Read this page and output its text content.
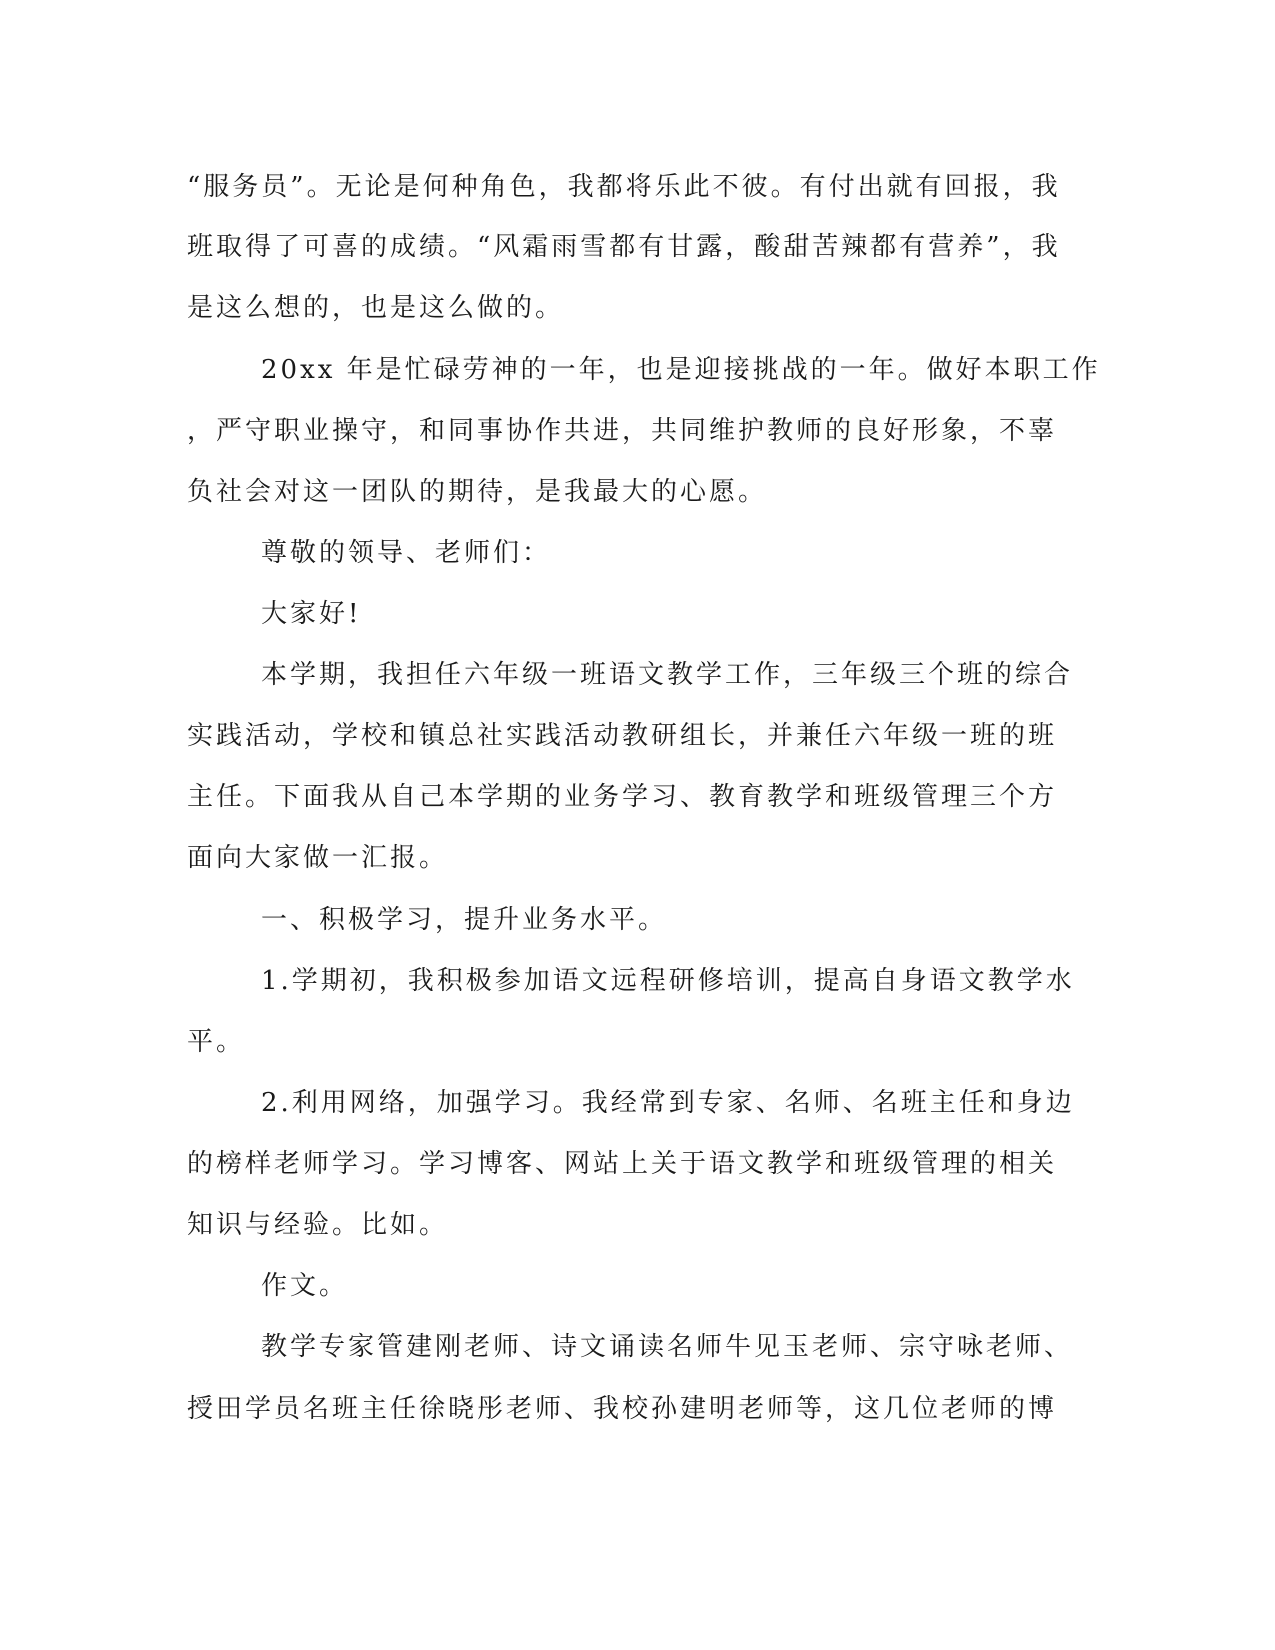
“服务员”。无论是何种角色，我都将乐此不彼。有付出就有回报，我
班取得了可喜的成绩。“风霜雨雪都有甘露，酸甜苦辣都有营养”，我
是这么想的，也是这么做的。
20xx 年是忙碌劳神的一年，也是迎接挑战的一年。做好本职工作
，严守职业操守，和同事协作共进，共同维护教师的良好形象，不辜
负社会对这一团队的期待，是我最大的心愿。
尊敬的领导、老师们：
大家好!
本学期，我担任六年级一班语文教学工作，三年级三个班的综合
实践活动，学校和镇总社实践活动教研组长，并兼任六年级一班的班
主任。下面我从自己本学期的业务学习、教育教学和班级管理三个方
面向大家做一汇报。
一、积极学习，提升业务水平。
1.学期初，我积极参加语文远程研修培训，提高自身语文教学水
平。
2.利用网络，加强学习。我经常到专家、名师、名班主任和身边
的榜样老师学习。学习博客、网站上关于语文教学和班级管理的相关
知识与经验。比如。
作文。
教学专家管建刚老师、诗文诵读名师牛见玉老师、宗守咏老师、
授田学员名班主任徐晓彤老师、我校孙建明老师等，这几位老师的博
